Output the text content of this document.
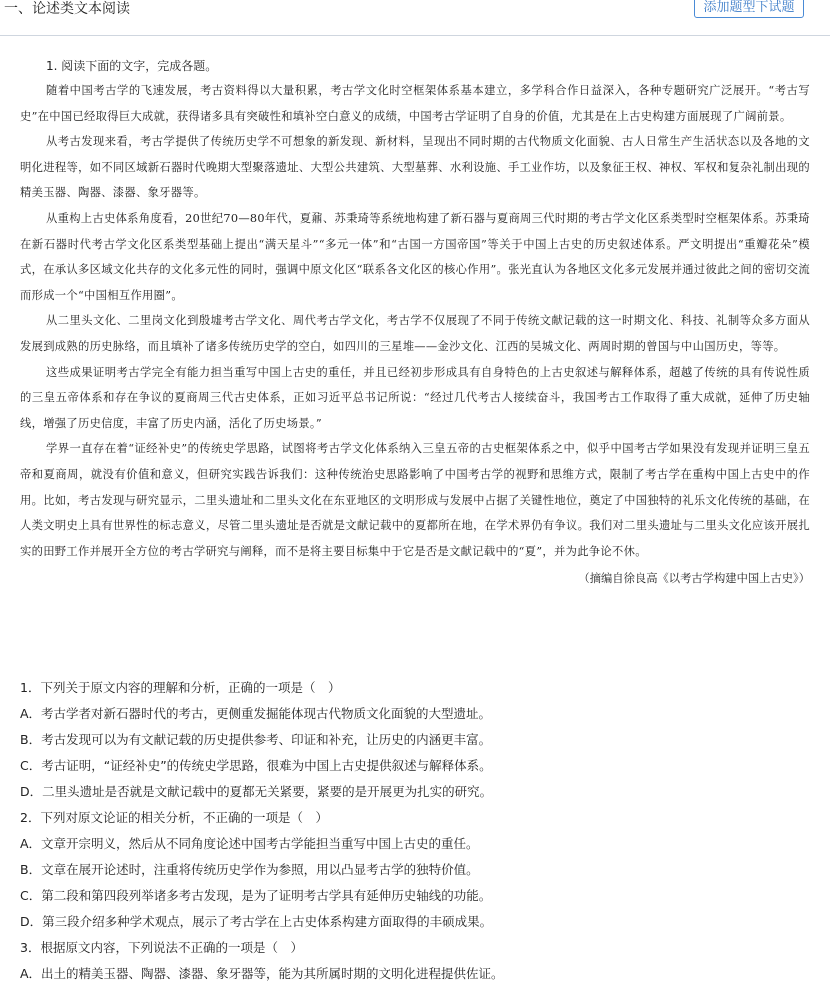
一、论述类文本阅读	添加题型下试题
1. 阅读下面的文字，完成各题。

随着中国考古学的飞速发展，考古资料得以大量积累，考古学文化时空框架体系基本建立，多学科合作日益深入，各种专题研究广泛展开。“考古写史”在中国已经取得巨大成就，获得诸多具有突破性和填补空白意义的成绩，中国考古学证明了自身的价值，尤其是在上古史构建方面展现了广阔前景。

从考古发现来看，考古学提供了传统历史学不可想象的新发现、新材料，呈现出不同时期的古代物质文化面貌、古人日常生产生活状态以及各地的文明化进程等，如不同区域新石器时代晚期大型聚落遗址、大型公共建筑、大型墓葬、水利设施、手工业作坊，以及象征王权、神权、军权和复杂礼制出现的精美玉器、陶器、漆器、象牙器等。

从重构上古史体系角度看，20世纪70—80年代，夏鼐、苏秉琦等系统地构建了新石器与夏商周三代时期的考古学文化区系类型时空框架体系。苏秉琦在新石器时代考古学文化区系类型基础上提出“满天星斗”“多元一体”和“古国一方国帝国”等关于中国上古史的历史叙述体系。严文明提出“重瓣花朵”模式，在承认多区域文化共存的文化多元性的同时，强调中原文化区“联系各文化区的核心作用”。张光直认为各地区文化多元发展并通过彼此之间的密切交流而形成一个“中国相互作用圈”。

从二里头文化、二里岗文化到殷墟考古学文化、周代考古学文化，考古学不仅展现了不同于传统文献记载的这一时期文化、科技、礼制等众多方面从发展到成熟的历史脉络，而且填补了诸多传统历史学的空白，如四川的三星堆——金沙文化、江西的吴城文化、两周时期的曾国与中山国历史，等等。

这些成果证明考古学完全有能力担当重写中国上古史的重任，并且已经初步形成具有自身特色的上古史叙述与解释体系，超越了传统的具有传说性质的三皇五帝体系和存在争议的夏商周三代古史体系，正如习近平总书记所说：“经过几代考古人接续奋斗，我国考古工作取得了重大成就，延伸了历史轴线，增强了历史信度，丰富了历史内涵，活化了历史场景。”

学界一直存在着“证经补史”的传统史学思路，试图将考古学文化体系纳入三皇五帝的古史框架体系之中，似乎中国考古学如果没有发现并证明三皇五帝和夏商周，就没有价值和意义，但研究实践告诉我们：这种传统治史思路影响了中国考古学的视野和思维方式，限制了考古学在重构中国上古史中的作用。比如，考古发现与研究显示，二里头遗址和二里头文化在东亚地区的文明形成与发展中占据了关键性地位，奠定了中国独特的礼乐文化传统的基础，在人类文明史上具有世界性的标志意义，尽管二里头遗址是否就是文献记载中的夏都所在地，在学术界仍有争议。我们对二里头遗址与二里头文化应该开展扎实的田野工作并展开全方位的考古学研究与阐释，而不是将主要目标集中于它是否是文献记载中的“夏”，并为此争论不休。

（摘编自徐良高《以考古学构建中国上古史》）
1．下列关于原文内容的理解和分析，正确的一项是（　）
A．考古学者对新石器时代的考古，更侧重发掘能体现古代物质文化面貌的大型遗址。
B．考古发现可以为有文献记载的历史提供参考、印证和补充，让历史的内涵更丰富。
C．考古证明，“证经补史”的传统史学思路，很难为中国上古史提供叙述与解释体系。
D．二里头遗址是否就是文献记载中的夏都无关紧要，紧要的是开展更为扎实的研究。
2．下列对原文论证的相关分析，不正确的一项是（　）
A．文章开宗明义，然后从不同角度论述中国考古学能担当重写中国上古史的重任。
B．文章在展开论述时，注重将传统历史学作为参照，用以凸显考古学的独特价值。
C．第二段和第四段列举诸多考古发现，是为了证明考古学具有延伸历史轴线的功能。
D．第三段介绍多种学术观点，展示了考古学在上古史体系构建方面取得的丰硕成果。
3．根据原文内容，下列说法不正确的一项是（　）
A．出土的精美玉器、陶器、漆器、象牙器等，能为其所属时期的文明化进程提供佐证。
